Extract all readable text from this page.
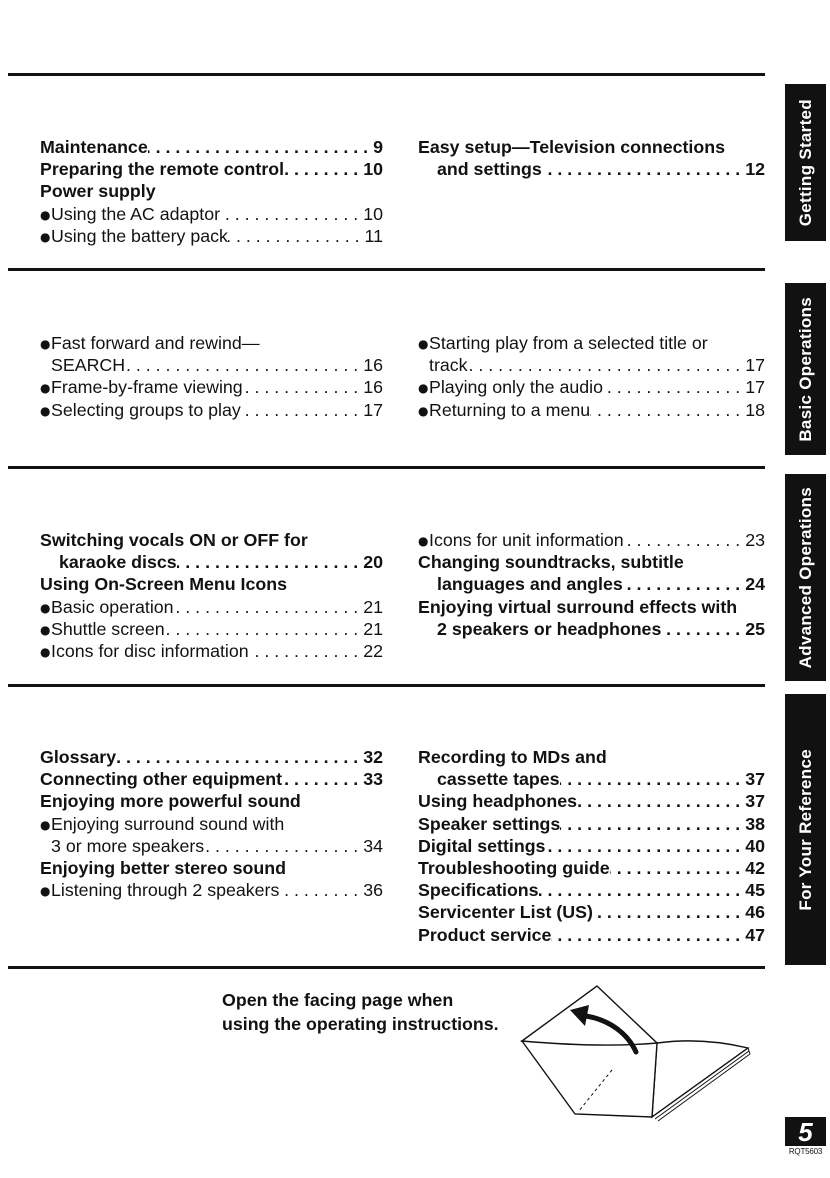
Maintenance . . .	9
Preparing the remote control . . .	10
Power supply
● Using the AC adaptor . . .	10
● Using the battery pack . . .	11
Easy setup—Television connections
and settings . . .	12
● Fast forward and rewind—
SEARCH . . .	16
● Frame-by-frame viewing . . .	16
● Selecting groups to play . . .	17
● Starting play from a selected title or
track . . .	17
● Playing only the audio . . .	17
● Returning to a menu . . .	18
Switching vocals ON or OFF for
karaoke discs . . .	20
Using On-Screen Menu Icons
● Basic operation . . .	21
● Shuttle screen . . .	21
● Icons for disc information . . .	22
● Icons for unit information . . .	23
Changing soundtracks, subtitle
languages and angles . . .	24
Enjoying virtual surround effects with
2 speakers or headphones . . .	25
Glossary . . .	32
Connecting other equipment . . .	33
Enjoying more powerful sound
● Enjoying surround sound with
3 or more speakers . . .	34
Enjoying better stereo sound
● Listening through 2 speakers . . .	36
Recording to MDs and
cassette tapes . . .	37
Using headphones . . .	37
Speaker settings . . .	38
Digital settings . . .	40
Troubleshooting guide . . .	42
Specifications . . .	45
Servicenter List (US) . . .	46
Product service . . .	47
Getting Started
Basic Operations
Advanced Operations
For Your Reference
Open the facing page when
using the operating instructions.
5
RQT5603
